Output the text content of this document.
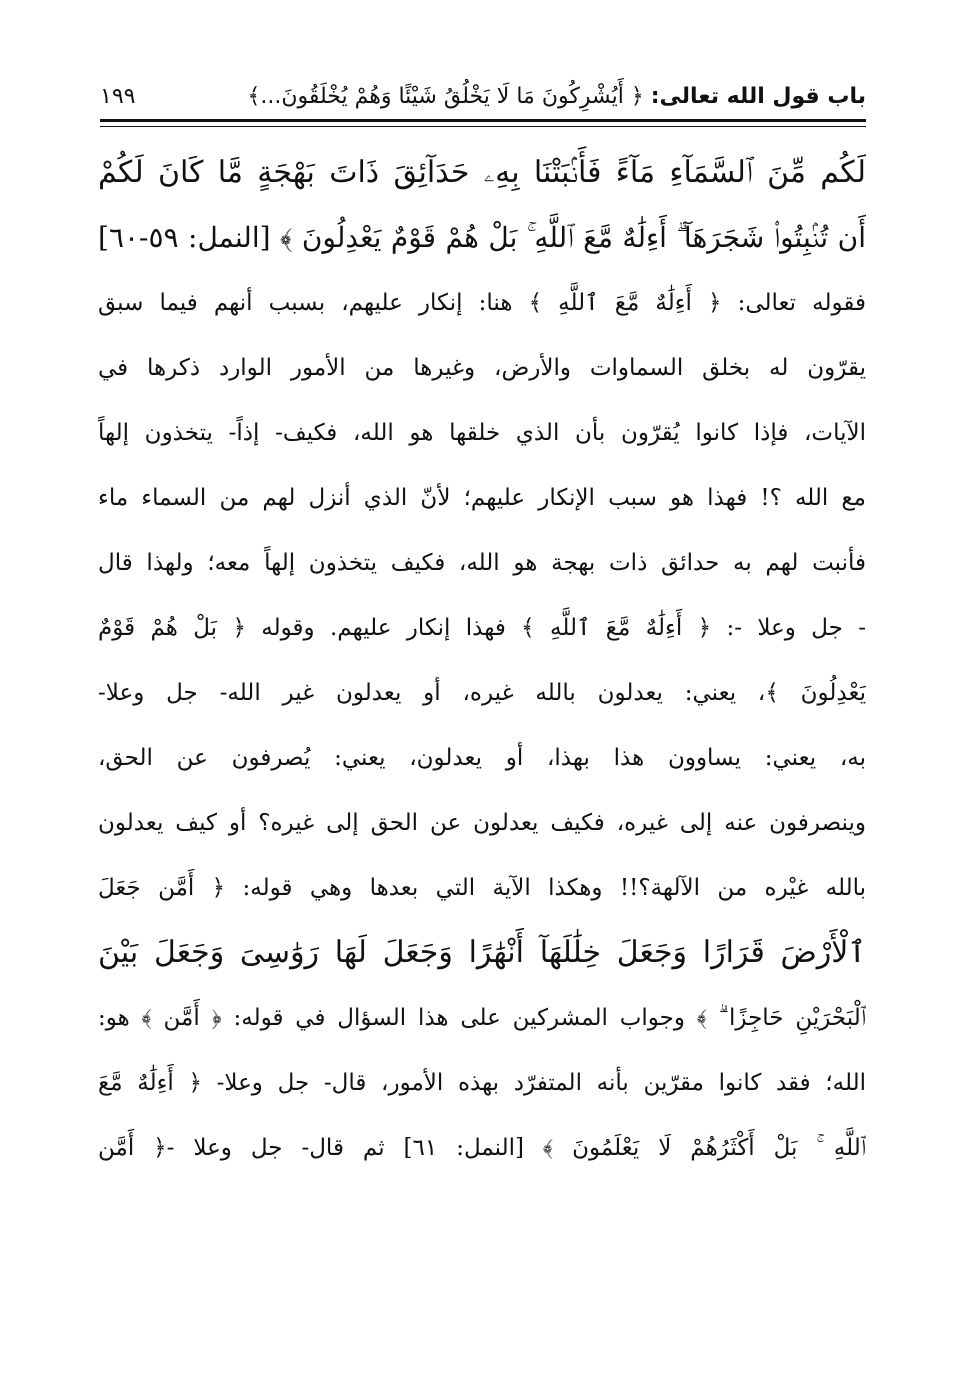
١٩٩	باب قول الله تعالى: ﴿ أَيُشْرِكُونَ مَا لَا يَخْلُقُ شَيْئًا وَهُمْ يُخْلَقُونَ...﴾
لَكُم مِّنَ ٱلسَّمَآءِ مَآءً فَأَنۢبَتْنَا بِهِۦ حَدَآئِقَ ذَاتَ بَهْجَةٍ مَّا كَانَ لَكُمْ
أَن تُنۢبِتُوا۟ شَجَرَهَآ ۗ أَءِلَٰهٌ مَّعَ ٱللَّهِ ۚ بَلْ هُمْ قَوْمٌ يَعْدِلُونَ ﴾ [النمل: ٥٩-٦٠]
فقوله تعالى: ﴿ أَءِلَٰهٌ مَّعَ ٱللَّهِ ﴾ هنا: إنكار عليهم، بسبب أنهم فيما سبق
يقرّون له بخلق السماوات والأرض، وغيرها من الأمور الوارد ذكرها في
الآيات، فإذا كانوا يُقرّون بأن الذي خلقها هو الله، فكيف- إذاً- يتخذون إلهاً
مع الله ؟! فهذا هو سبب الإنكار عليهم؛ لأنّ الذي أنزل لهم من السماء ماء
فأنبت لهم به حدائق ذات بهجة هو الله، فكيف يتخذون إلهاً معه؛ ولهذا قال
- جل وعلا -: ﴿ أَءِلَٰهٌ مَّعَ ٱللَّهِ ﴾ فهذا إنكار عليهم. وقوله ﴿ بَلْ هُمْ قَوْمٌ
يَعْدِلُونَ ﴾، يعني: يعدلون بالله غيره، أو يعدلون غير الله- جل وعلا-
به، يعني: يساوون هذا بهذا، أو يعدلون، يعني: يُصرفون عن الحق،
وينصرفون عنه إلى غيره، فكيف يعدلون عن الحق إلى غيره؟ أو كيف يعدلون
بالله غيْره من الآلهة؟!! وهكذا الآية التي بعدها وهي قوله: ﴿ أَمَّن جَعَلَ
ٱلْأَرْضَ قَرَارًا وَجَعَلَ خِلَٰلَهَآ أَنْهَٰرًا وَجَعَلَ لَهَا رَوَٰسِىَ وَجَعَلَ بَيْنَ
ٱلْبَحْرَيْنِ حَاجِزًا ۗ ﴾ وجواب المشركين على هذا السؤال في قوله: ﴿ أَمَّن ﴾ هو:
الله؛ فقد كانوا مقرّين بأنه المتفرّد بهذه الأمور، قال- جل وعلا- ﴿ أَءِلَٰهٌ مَّعَ
ٱللَّهِ ۚ بَلْ أَكْثَرُهُمْ لَا يَعْلَمُونَ ﴾ [النمل: ٦١] ثم قال- جل وعلا -﴿ أَمَّن
